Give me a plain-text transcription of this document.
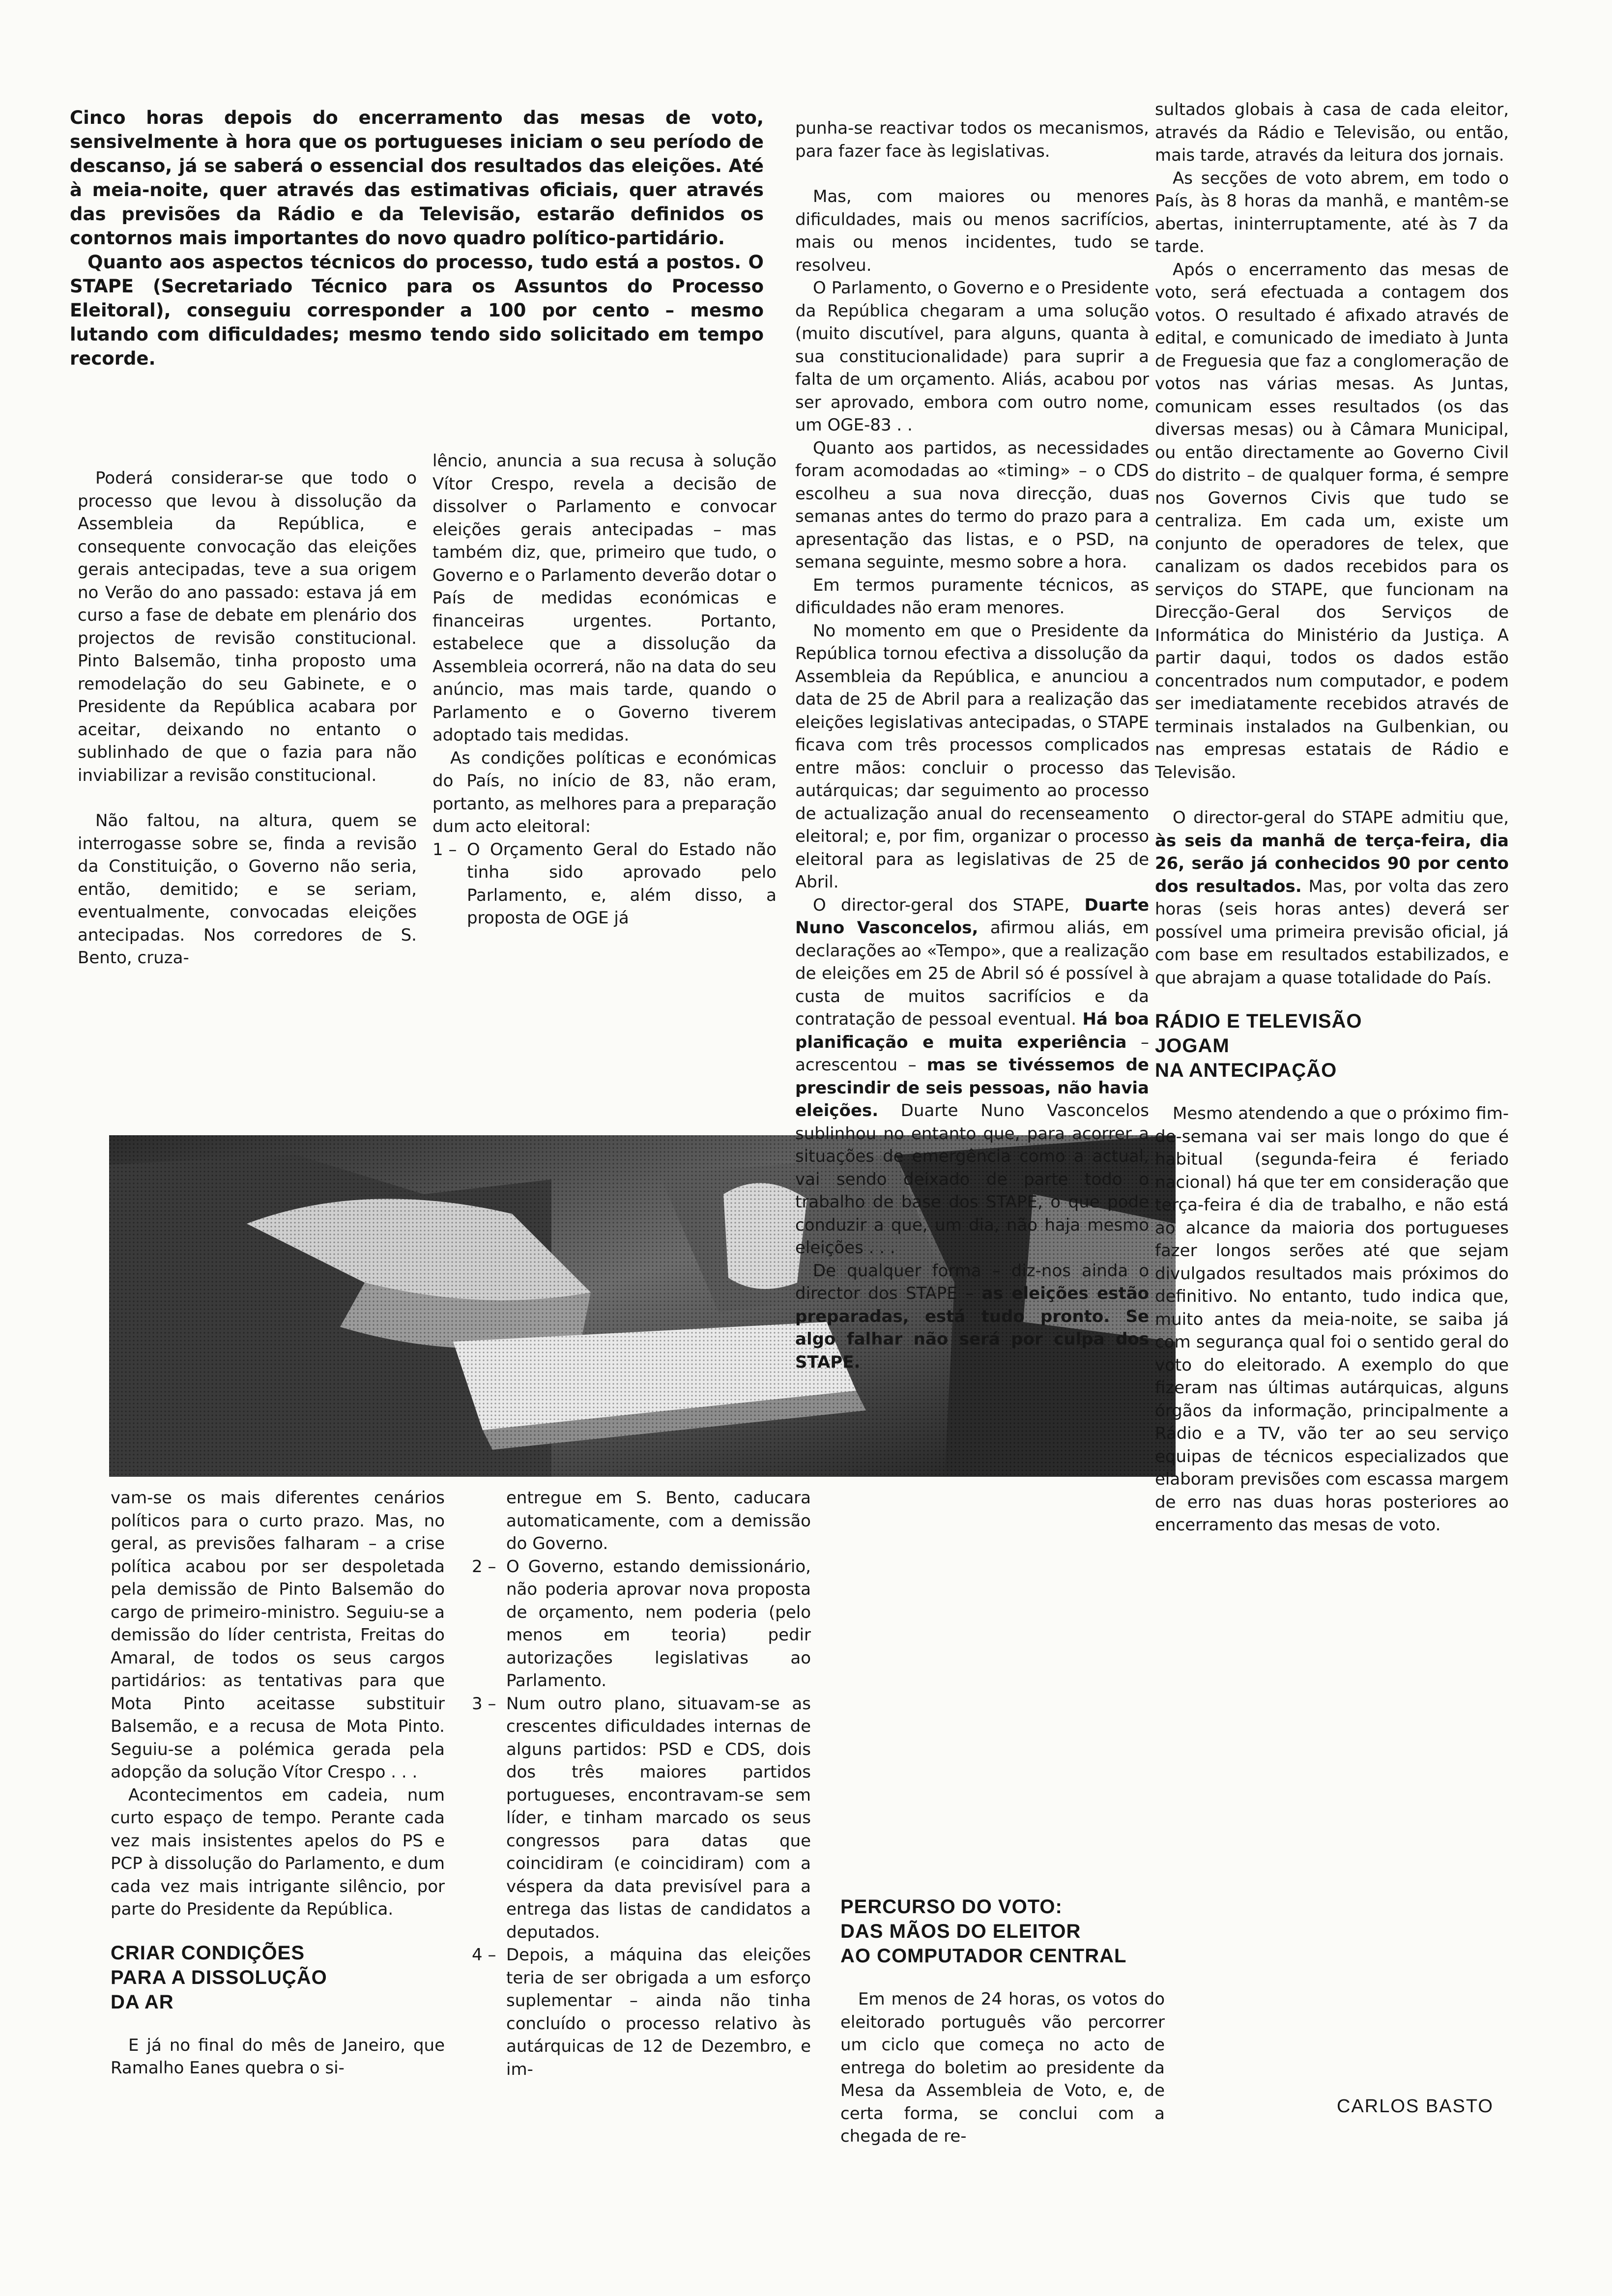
Cinco horas depois do encerramento das mesas de voto, sensivelmente à hora que os portugueses iniciam o seu período de descanso, já se saberá o essencial dos resultados das eleições. Até à meia-noite, quer através das estimativas oficiais, quer através das previsões da Rádio e da Televisão, estarão definidos os contornos mais importantes do novo quadro político-partidário.

Quanto aos aspectos técnicos do processo, tudo está a postos. O STAPE (Secretariado Técnico para os Assuntos do Processo Eleitoral), conseguiu corresponder a 100 por cento – mesmo lutando com dificuldades; mesmo tendo sido solicitado em tempo recorde.

Poderá considerar-se que todo o processo que levou à dissolução da Assembleia da República, e consequente convocação das eleições gerais antecipadas, teve a sua origem no Verão do ano passado: estava já em curso a fase de debate em plenário dos projectos de revisão constitucional. Pinto Balsemão, tinha proposto uma remodelação do seu Gabinete, e o Presidente da República acabara por aceitar, deixando no entanto o sublinhado de que o fazia para não inviabilizar a revisão constitucional.

Não faltou, na altura, quem se interrogasse sobre se, finda a revisão da Constituição, o Governo não seria, então, demitido; e se seriam, eventualmente, convocadas eleições antecipadas. Nos corredores de S. Bento, cruza-

lêncio, anuncia a sua recusa à solução Vítor Crespo, revela a decisão de dissolver o Parlamento e convocar eleições gerais antecipadas – mas também diz, que, primeiro que tudo, o Governo e o Parlamento deverão dotar o País de medidas económicas e financeiras urgentes. Portanto, estabelece que a dissolução da Assembleia ocorrerá, não na data do seu anúncio, mas mais tarde, quando o Parlamento e o Governo tiverem adoptado tais medidas.

As condições políticas e económicas do País, no início de 83, não eram, portanto, as melhores para a preparação dum acto eleitoral:

1 – O Orçamento Geral do Estado não tinha sido aprovado pelo Parlamento, e, além disso, a proposta de OGE já

punha-se reactivar todos os mecanismos, para fazer face às legislativas.

Mas, com maiores ou menores dificuldades, mais ou menos sacrifícios, mais ou menos incidentes, tudo se resolveu.

O Parlamento, o Governo e o Presidente da República chegaram a uma solução (muito discutível, para alguns, quanta à sua constitucionalidade) para suprir a falta de um orçamento. Aliás, acabou por ser aprovado, embora com outro nome, um OGE-83 . .

Quanto aos partidos, as necessidades foram acomodadas ao «timing» – o CDS escolheu a sua nova direcção, duas semanas antes do termo do prazo para a apresentação das listas, e o PSD, na semana seguinte, mesmo sobre a hora.

Em termos puramente técnicos, as dificuldades não eram menores.

No momento em que o Presidente da República tornou efectiva a dissolução da Assembleia da República, e anunciou a data de 25 de Abril para a realização das eleições legislativas antecipadas, o STAPE ficava com três processos complicados entre mãos: concluir o processo das autárquicas; dar seguimento ao processo de actualização anual do recenseamento eleitoral; e, por fim, organizar o processo eleitoral para as legislativas de 25 de Abril.

O director-geral dos STAPE, Duarte Nuno Vasconcelos, afirmou aliás, em declarações ao «Tempo», que a realização de eleições em 25 de Abril só é possível à custa de muitos sacrifícios e da contratação de pessoal eventual. Há boa planificação e muita experiência – acrescentou – mas se tivéssemos de prescindir de seis pessoas, não havia eleições. Duarte Nuno Vasconcelos sublinhou no entanto que, para acorrer a situações de emergência como a actual, vai sendo deixado de parte todo o trabalho de base dos STAPE, o que pode conduzir a que, um dia, não haja mesmo eleições . . .

De qualquer forma – diz-nos ainda o director dos STAPE – as eleições estão preparadas, está tudo pronto. Se algo falhar não será por culpa dos STAPE.

PERCURSO DO VOTO:

DAS MÃOS DO ELEITOR

AO COMPUTADOR CENTRAL

Em menos de 24 horas, os votos do eleitorado português vão percorrer um ciclo que começa no acto de entrega do boletim ao presidente da Mesa da Assembleia de Voto, e, de certa forma, se conclui com a chegada de re-

sultados globais à casa de cada eleitor, através da Rádio e Televisão, ou então, mais tarde, através da leitura dos jornais.

As secções de voto abrem, em todo o País, às 8 horas da manhã, e mantêm-se abertas, ininterruptamente, até às 7 da tarde.

Após o encerramento das mesas de voto, será efectuada a contagem dos votos. O resultado é afixado através de edital, e comunicado de imediato à Junta de Freguesia que faz a conglomeração de votos nas várias mesas. As Juntas, comunicam esses resultados (os das diversas mesas) ou à Câmara Municipal, ou então directamente ao Governo Civil do distrito – de qualquer forma, é sempre nos Governos Civis que tudo se centraliza. Em cada um, existe um conjunto de operadores de telex, que canalizam os dados recebidos para os serviços do STAPE, que funcionam na Direcção-Geral dos Serviços de Informática do Ministério da Justiça. A partir daqui, todos os dados estão concentrados num computador, e podem ser imediatamente recebidos através de terminais instalados na Gulbenkian, ou nas empresas estatais de Rádio e Televisão.

O director-geral do STAPE admitiu que, às seis da manhã de terça-feira, dia 26, serão já conhecidos 90 por cento dos resultados. Mas, por volta das zero horas (seis horas antes) deverá ser possível uma primeira previsão oficial, já com base em resultados estabilizados, e que abrajam a quase totalidade do País.

RÁDIO E TELEVISÃO

JOGAM

NA ANTECIPAÇÃO

Mesmo atendendo a que o próximo fim-de-semana vai ser mais longo do que é habitual (segunda-feira é feriado nacional) há que ter em consideração que terça-feira é dia de trabalho, e não está ao alcance da maioria dos portugueses fazer longos serões até que sejam divulgados resultados mais próximos do definitivo. No entanto, tudo indica que, muito antes da meia-noite, se saiba já com segurança qual foi o sentido geral do voto do eleitorado. A exemplo do que fizeram nas últimas autárquicas, alguns órgãos da informação, principalmente a Rádio e a TV, vão ter ao seu serviço equipas de técnicos especializados que elaboram previsões com escassa margem de erro nas duas horas posteriores ao encerramento das mesas de voto.

CARLOS BASTO

vam-se os mais diferentes cenários políticos para o curto prazo. Mas, no geral, as previsões falharam – a crise política acabou por ser despoletada pela demissão de Pinto Balsemão do cargo de primeiro-ministro. Seguiu-se a demissão do líder centrista, Freitas do Amaral, de todos os seus cargos partidários: as tentativas para que Mota Pinto aceitasse substituir Balsemão, e a recusa de Mota Pinto. Seguiu-se a polémica gerada pela adopção da solução Vítor Crespo . . .

Acontecimentos em cadeia, num curto espaço de tempo. Perante cada vez mais insistentes apelos do PS e PCP à dissolução do Parlamento, e dum cada vez mais intrigante silêncio, por parte do Presidente da República.

CRIAR CONDIÇÕES

PARA A DISSOLUÇÃO

DA AR

E já no final do mês de Janeiro, que Ramalho Eanes quebra o si-

entregue em S. Bento, caducara automaticamente, com a demissão do Governo.

2 – O Governo, estando demissionário, não poderia aprovar nova proposta de orçamento, nem poderia (pelo menos em teoria) pedir autorizações legislativas ao Parlamento.
3 – Num outro plano, situavam-se as crescentes dificuldades internas de alguns partidos: PSD e CDS, dois dos três maiores partidos portugueses, encontravam-se sem líder, e tinham marcado os seus congressos para datas que coincidiram (e coincidiram) com a véspera da data previsível para a entrega das listas de candidatos a deputados.
4 – Depois, a máquina das eleições teria de ser obrigada a um esforço suplementar – ainda não tinha concluído o processo relativo às autárquicas de 12 de Dezembro, e im-
